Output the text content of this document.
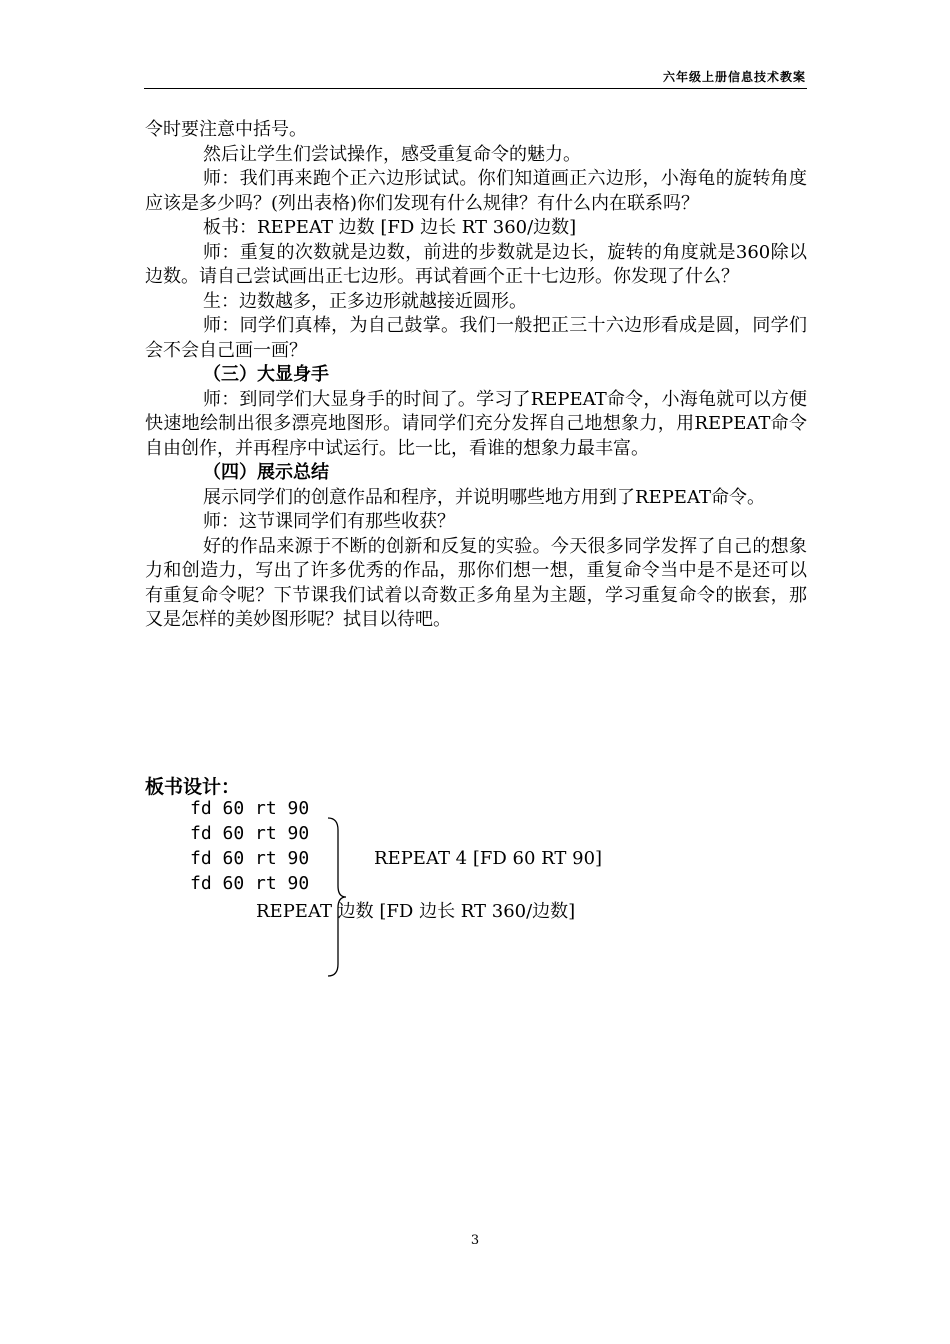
六年级上册信息技术教案

令时要注意中括号。

然后让学生们尝试操作，感受重复命令的魅力。

师：我们再来跑个正六边形试试。你们知道画正六边形，小海龟的旋转角度应该是多少吗？(列出表格)你们发现有什么规律？有什么内在联系吗？

板书：REPEAT 边数 [FD 边长 RT 360/边数]

师：重复的次数就是边数，前进的步数就是边长，旋转的角度就是360除以边数。请自己尝试画出正七边形。再试着画个正十七边形。你发现了什么？

生：边数越多，正多边形就越接近圆形。

师：同学们真棒，为自己鼓掌。我们一般把正三十六边形看成是圆，同学们会不会自己画一画？

（三）大显身手

师：到同学们大显身手的时间了。学习了REPEAT命令，小海龟就可以方便快速地绘制出很多漂亮地图形。请同学们充分发挥自己地想象力，用REPEAT命令自由创作，并再程序中试运行。比一比，看谁的想象力最丰富。

（四）展示总结

展示同学们的创意作品和程序，并说明哪些地方用到了REPEAT命令。

师：这节课同学们有那些收获？

好的作品来源于不断的创新和反复的实验。今天很多同学发挥了自己的想象力和创造力，写出了许多优秀的作品，那你们想一想，重复命令当中是不是还可以有重复命令呢？下节课我们试着以奇数正多角星为主题，学习重复命令的嵌套，那又是怎样的美妙图形呢？拭目以待吧。

板书设计：
fd 60 rt 90
fd 60 rt 90
fd 60 rt 90
fd 60 rt 90
REPEAT 4 [FD 60 RT 90]
REPEAT 边数 [FD 边长 RT 360/边数]
3
